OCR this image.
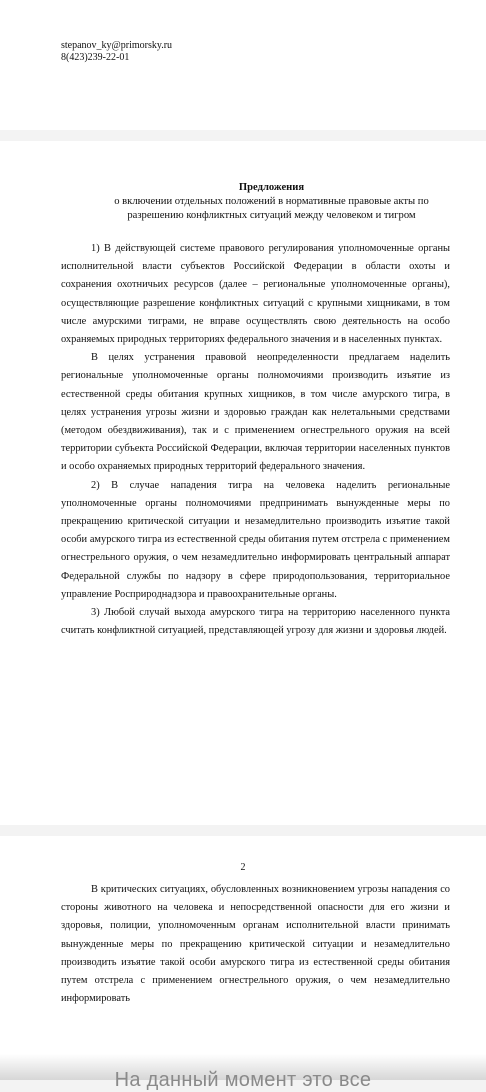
stepanov_ky@primorsky.ru
8(423)239-22-01
Предложения
о включении отдельных положений в нормативные правовые акты по
разрешению конфликтных ситуаций между человеком и тигром

1) В действующей системе правового регулирования уполномоченные органы исполнительной власти субъектов Российской Федерации в области охоты и сохранения охотничьих ресурсов (далее – региональные уполномоченные органы), осуществляющие разрешение конфликтных ситуаций с крупными хищниками, в том числе амурскими тиграми, не вправе осуществлять свою деятельность на особо охраняемых природных территориях федерального значения и в населенных пунктах.

В целях устранения правовой неопределенности предлагаем наделить региональные уполномоченные органы полномочиями производить изъятие из естественной среды обитания крупных хищников, в том числе амурского тигра, в целях устранения угрозы жизни и здоровью граждан как нелетальными средствами (методом обездвиживания), так и с применением огнестрельного оружия на всей территории субъекта Российской Федерации, включая территории населенных пунктов и особо охраняемых природных территорий федерального значения.

2) В случае нападения тигра на человека наделить региональные уполномоченные органы полномочиями предпринимать вынужденные меры по прекращению критической ситуации и незамедлительно производить изъятие такой особи амурского тигра из естественной среды обитания путем отстрела с применением огнестрельного оружия, о чем незамедлительно информировать центральный аппарат Федеральной службы по надзору в сфере природопользования, территориальное управление Росприроднадзора и правоохранительные органы.

3) Любой случай выхода амурского тигра на территорию населенного пункта считать конфликтной ситуацией, представляющей угрозу для жизни и здоровья людей.

2

В критических ситуациях, обусловленных возникновением угрозы нападения со стороны животного на человека и непосредственной опасности для его жизни и здоровья, полиции, уполномоченным органам исполнительной власти принимать вынужденные меры по прекращению критической ситуации и незамедлительно производить изъятие такой особи амурского тигра из естественной среды обитания путем отстрела с применением огнестрельного оружия, о чем незамедлительно информировать

На данный момент это все
